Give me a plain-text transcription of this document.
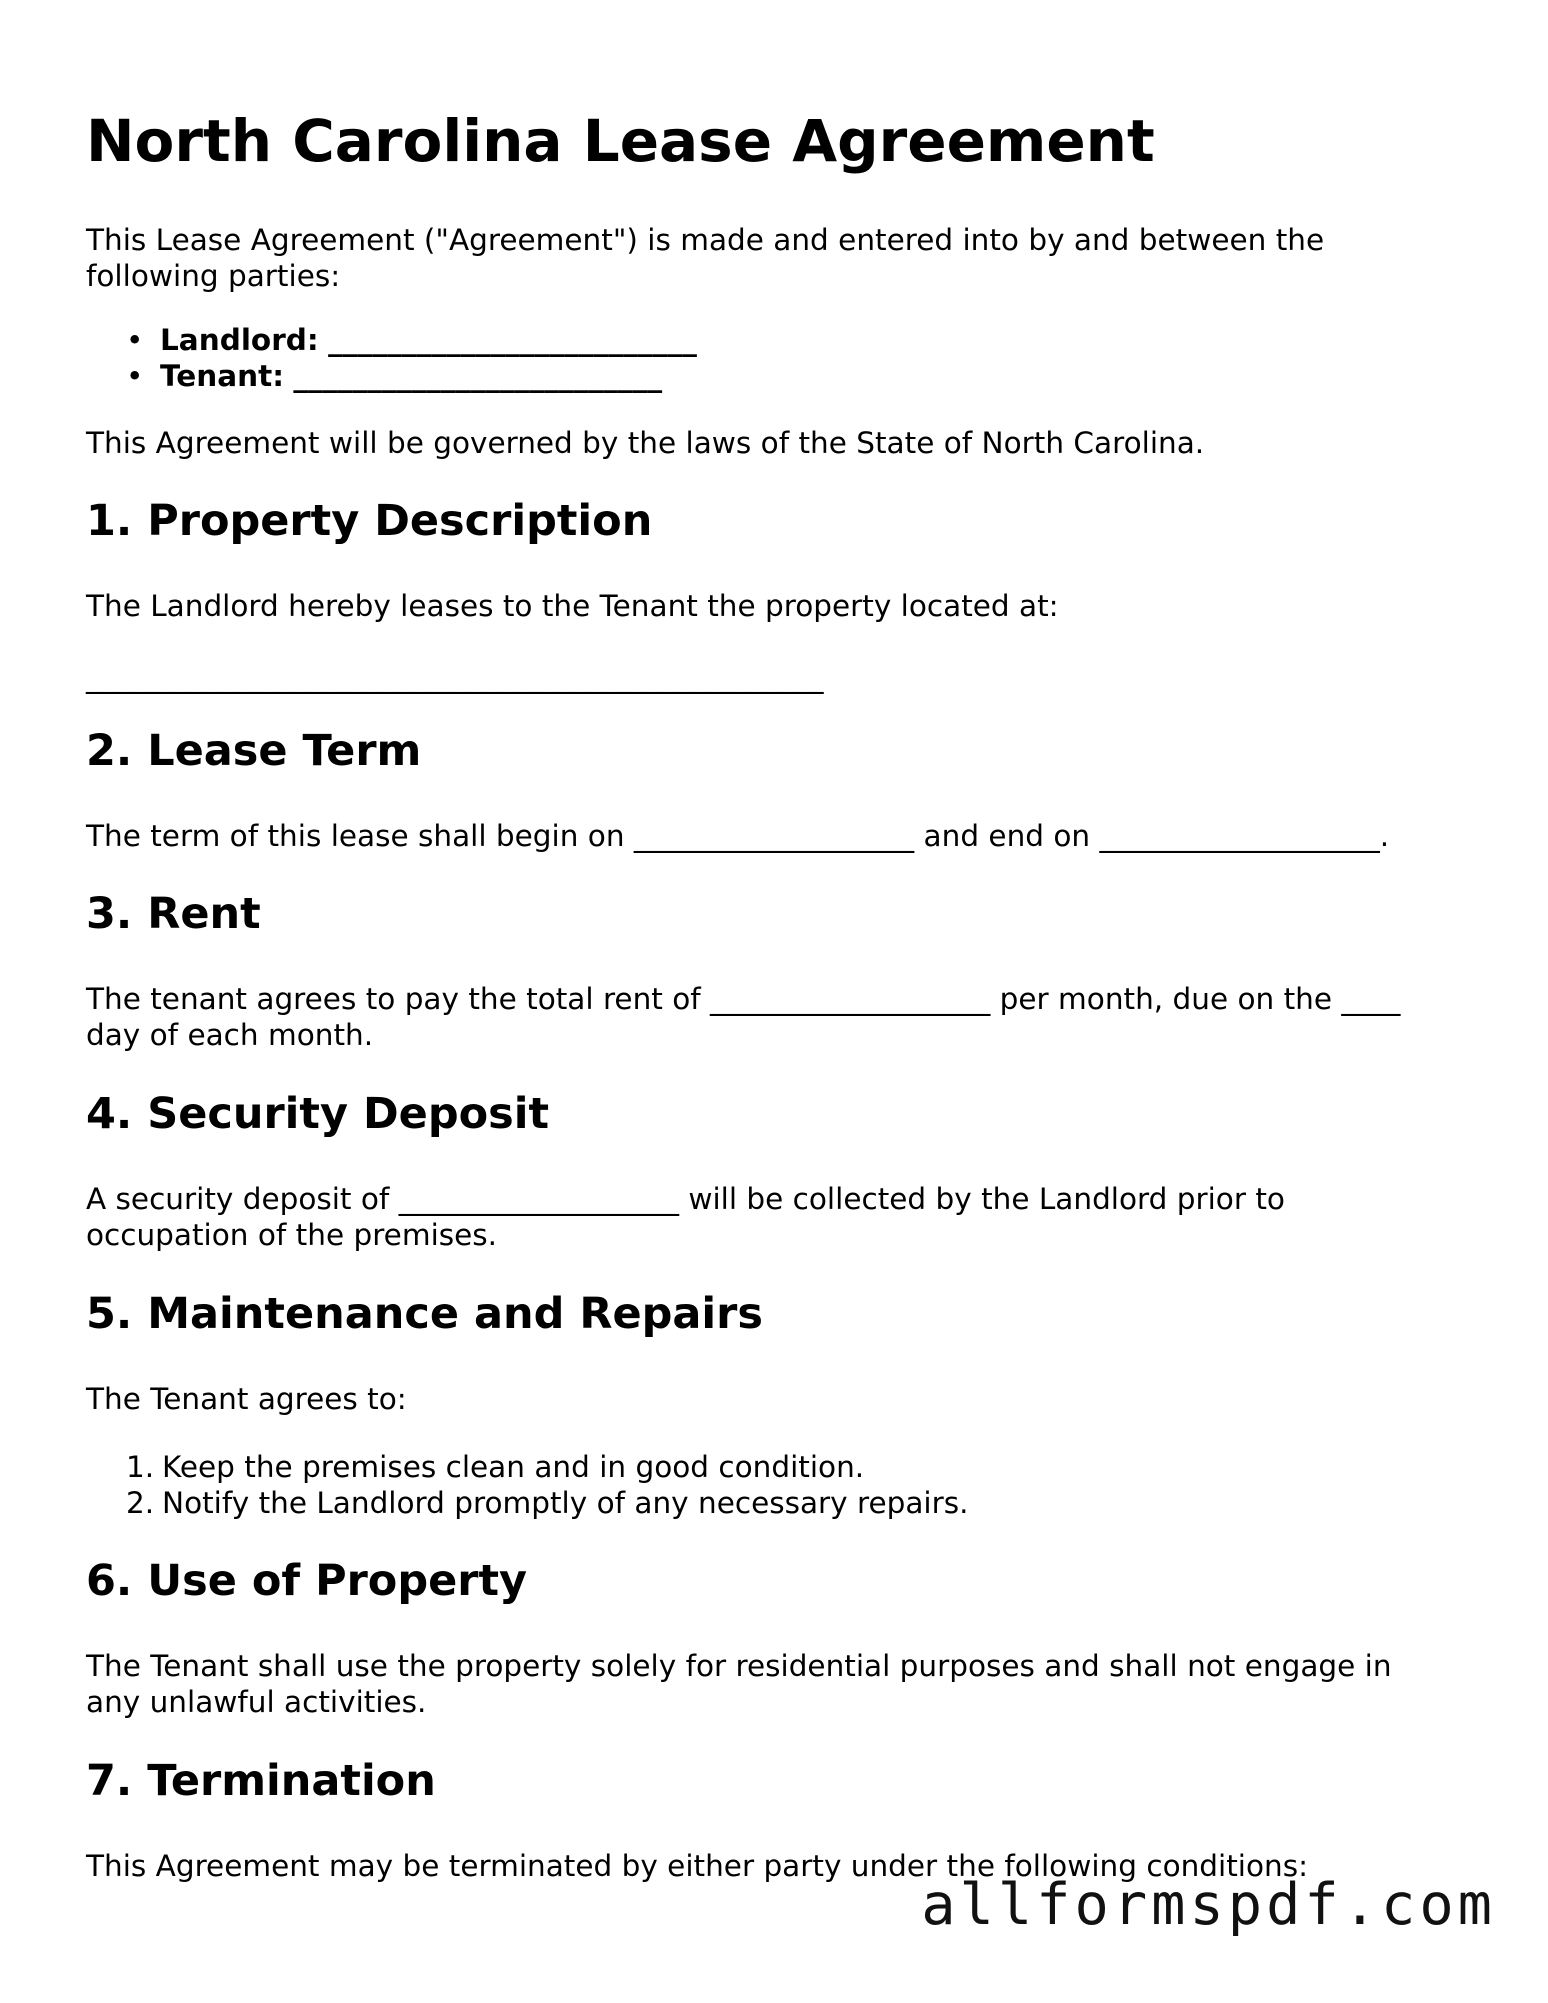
North Carolina Lease Agreement
This Lease Agreement ("Agreement") is made and entered into by and between the
following parties:
• Landlord: _________________________
• Tenant: _________________________
This Agreement will be governed by the laws of the State of North Carolina.
1. Property Description
The Landlord hereby leases to the Tenant the property located at:
__________________________________________________
2. Lease Term
The term of this lease shall begin on ___________________ and end on ___________________.
3. Rent
The tenant agrees to pay the total rent of ___________________ per month, due on the ____
day of each month.
4. Security Deposit
A security deposit of ___________________ will be collected by the Landlord prior to
occupation of the premises.
5. Maintenance and Repairs
The Tenant agrees to:
1. Keep the premises clean and in good condition.
2. Notify the Landlord promptly of any necessary repairs.
6. Use of Property
The Tenant shall use the property solely for residential purposes and shall not engage in
any unlawful activities.
7. Termination
This Agreement may be terminated by either party under the following conditions:
allformspdf.com
